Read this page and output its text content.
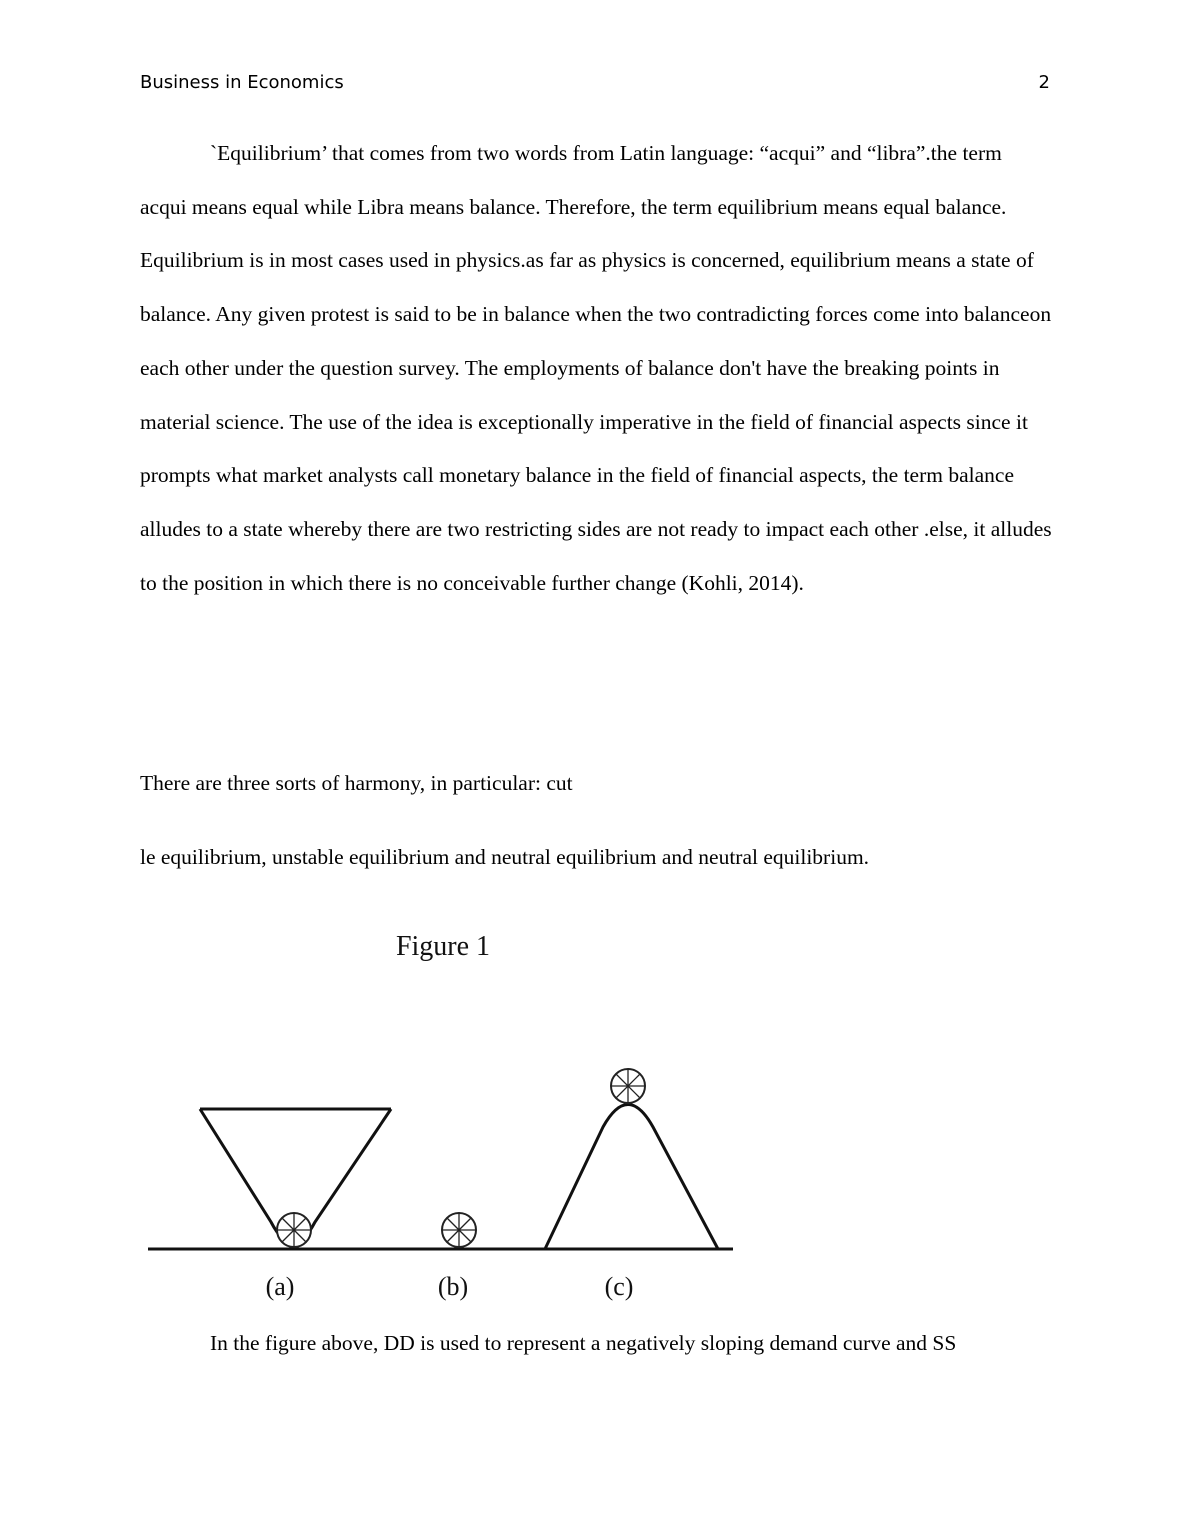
Business in Economics	2

`Equilibrium’ that comes from two words from Latin language: “acqui” and “libra”.the term acqui means equal while Libra means balance. Therefore, the term equilibrium means equal balance. Equilibrium is in most cases used in physics.as far as physics is concerned, equilibrium means a state of balance. Any given protest is said to be in balance when the two contradicting forces come into balanceon each other under the question survey. The employments of balance don't have the breaking points in material science. The use of the idea is exceptionally imperative in the field of financial aspects since it prompts what market analysts call monetary balance in the field of financial aspects, the term balance alludes to a state whereby there are two restricting sides are not ready to impact each other .else, it alludes to the position in which there is no conceivable further change (Kohli, 2014).

There are three sorts of harmony, in particular: cut

le equilibrium, unstable equilibrium and neutral equilibrium and neutral equilibrium.

Figure 1
(a)	(b)	(c)

In the figure above, DD is used to represent a negatively sloping demand curve and SS
